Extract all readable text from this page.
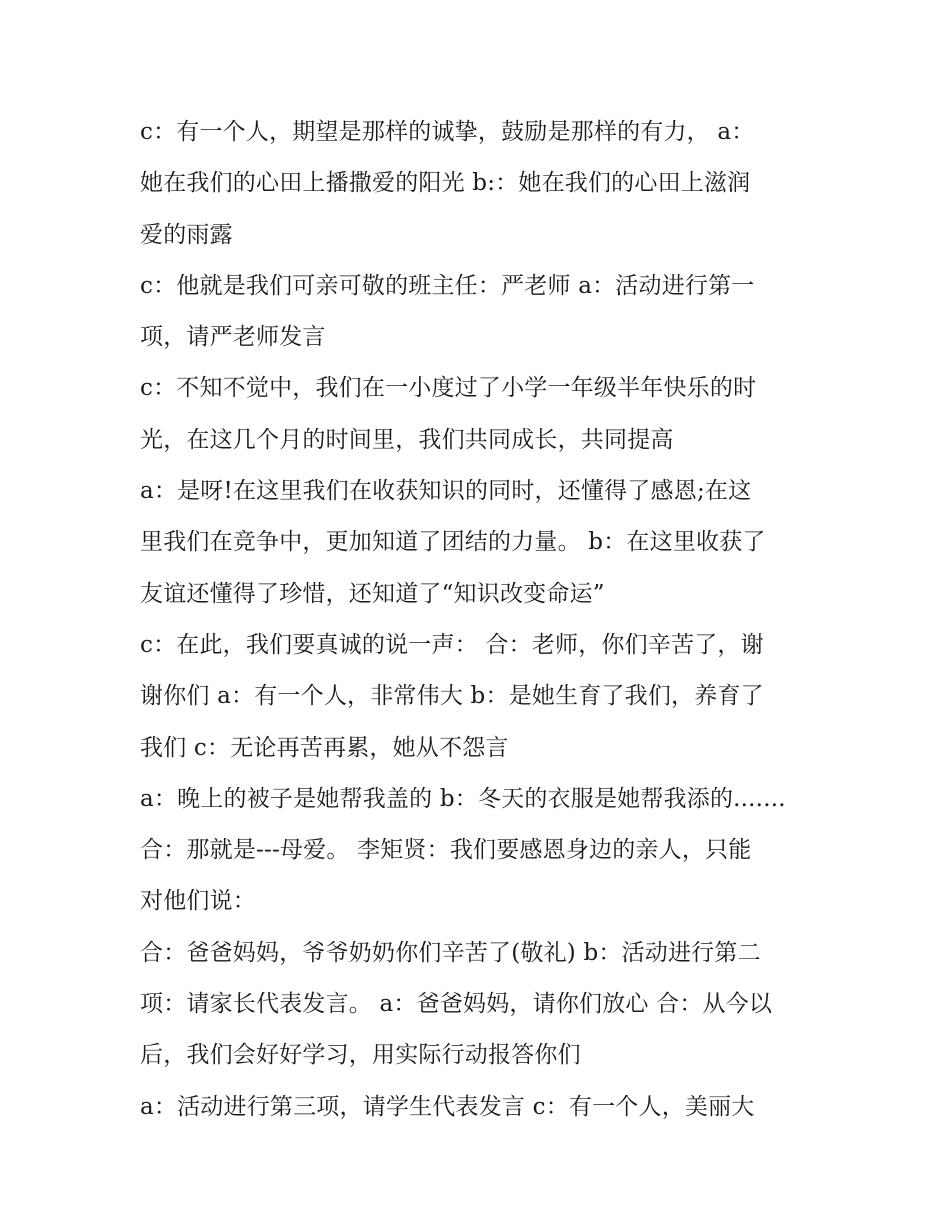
c：有一个人，期望是那样的诚挚，鼓励是那样的有力， a：
她在我们的心田上播撒爱的阳光 b:：她在我们的心田上滋润
爱的雨露
c：他就是我们可亲可敬的班主任：严老师 a：活动进行第一
项，请严老师发言
c：不知不觉中，我们在一小度过了小学一年级半年快乐的时
光，在这几个月的时间里，我们共同成长，共同提高
a：是呀!在这里我们在收获知识的同时，还懂得了感恩;在这
里我们在竞争中，更加知道了团结的力量。 b：在这里收获了
友谊还懂得了珍惜，还知道了“知识改变命运”
c：在此，我们要真诚的说一声： 合：老师，你们辛苦了，谢
谢你们 a：有一个人，非常伟大 b：是她生育了我们，养育了
我们 c：无论再苦再累，她从不怨言
a：晚上的被子是她帮我盖的 b：冬天的衣服是她帮我添的.......
合：那就是---母爱。 李矩贤：我们要感恩身边的亲人，只能
对他们说：
合：爸爸妈妈，爷爷奶奶你们辛苦了(敬礼) b：活动进行第二
项：请家长代表发言。 a：爸爸妈妈，请你们放心 合：从今以
后，我们会好好学习，用实际行动报答你们
a：活动进行第三项，请学生代表发言 c：有一个人，美丽大
